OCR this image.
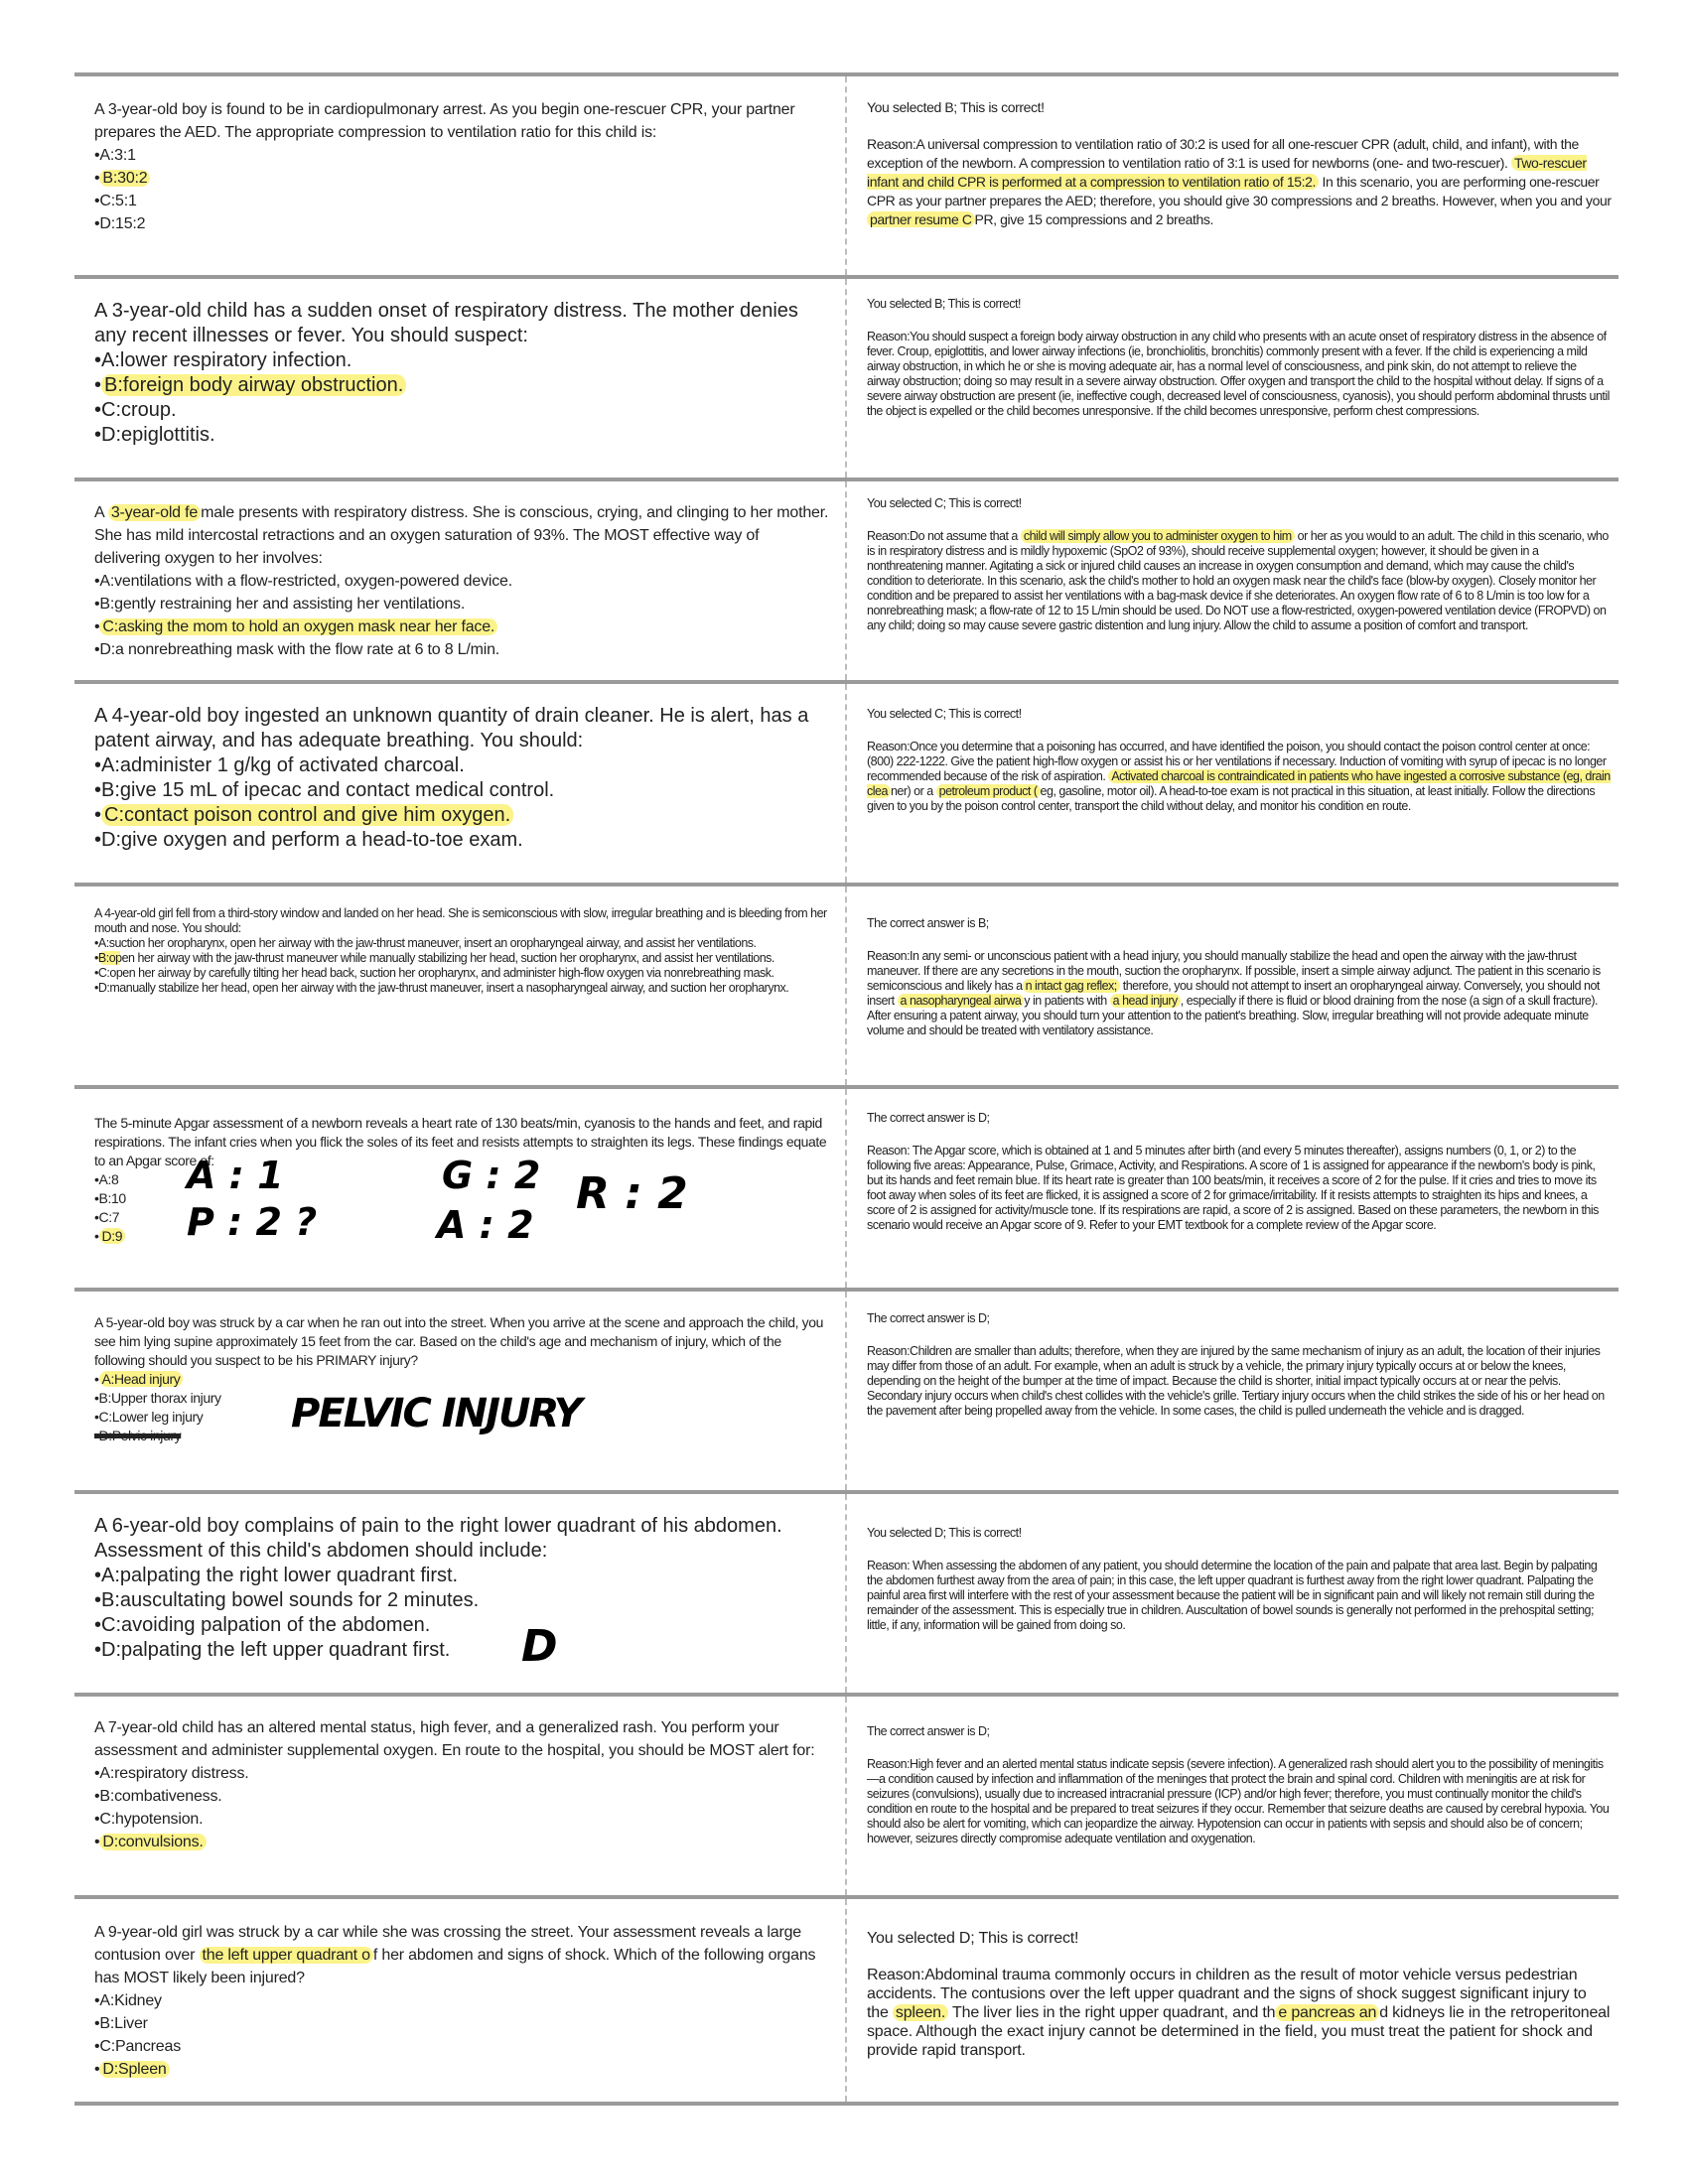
A 3-year-old boy is found to be in cardiopulmonary arrest. As you begin one-rescuer CPR, your partner prepares the AED. The appropriate compression to ventilation ratio for this child is:

• A:3:1
• B:30:2
• C:5:1
• D:15:2

You selected B; This is correct!

Reason:A universal compression to ventilation ratio of 30:2 is used for all one-rescuer CPR (adult, child, and infant), with the exception of the newborn. A compression to ventilation ratio of 3:1 is used for newborns (one- and two-rescuer). Two-rescuer infant and child CPR is performed at a compression to ventilation ratio of 15:2. In this scenario, you are performing one-rescuer CPR as your partner prepares the AED; therefore, you should give 30 compressions and 2 breaths. However, when you and your partner resume C PR, give 15 compressions and 2 breaths.

A 3-year-old child has a sudden onset of respiratory distress. The mother denies any recent illnesses or fever. You should suspect:

• A:lower respiratory infection.
• B:foreign body airway obstruction.
• C:croup.
• D:epiglottitis.

You selected B; This is correct!

Reason:You should suspect a foreign body airway obstruction in any child who presents with an acute onset of respiratory distress in the absence of fever. Croup, epiglottitis, and lower airway infections (ie, bronchiolitis, bronchitis) commonly present with a fever. If the child is experiencing a mild airway obstruction, in which he or she is moving adequate air, has a normal level of consciousness, and pink skin, do not attempt to relieve the airway obstruction; doing so may result in a severe airway obstruction. Offer oxygen and transport the child to the hospital without delay. If signs of a severe airway obstruction are present (ie, ineffective cough, decreased level of consciousness, cyanosis), you should perform abdominal thrusts until the object is expelled or the child becomes unresponsive. If the child becomes unresponsive, perform chest compressions.

A 3-year-old fe male presents with respiratory distress. She is conscious, crying, and clinging to her mother. She has mild intercostal retractions and an oxygen saturation of 93%. The MOST effective way of delivering oxygen to her involves:

• A:ventilations with a flow-restricted, oxygen-powered device.
• B:gently restraining her and assisting her ventilations.
• C:asking the mom to hold an oxygen mask near her face.
• D:a nonrebreathing mask with the flow rate at 6 to 8 L/min.

You selected C; This is correct!

Reason:Do not assume that a child will simply allow you to administer oxygen to him or her as you would to an adult. The child in this scenario, who is in respiratory distress and is mildly hypoxemic (SpO2 of 93%), should receive supplemental oxygen; however, it should be given in a nonthreatening manner. Agitating a sick or injured child causes an increase in oxygen consumption and demand, which may cause the child's condition to deteriorate. In this scenario, ask the child's mother to hold an oxygen mask near the child's face (blow-by oxygen). Closely monitor her condition and be prepared to assist her ventilations with a bag-mask device if she deteriorates. An oxygen flow rate of 6 to 8 L/min is too low for a nonrebreathing mask; a flow-rate of 12 to 15 L/min should be used. Do NOT use a flow-restricted, oxygen-powered ventilation device (FROPVD) on any child; doing so may cause severe gastric distention and lung injury. Allow the child to assume a position of comfort and transport.

A 4-year-old boy ingested an unknown quantity of drain cleaner. He is alert, has a patent airway, and has adequate breathing. You should:

• A:administer 1 g/kg of activated charcoal.
• B:give 15 mL of ipecac and contact medical control.
• C:contact poison control and give him oxygen.
• D:give oxygen and perform a head-to-toe exam.

You selected C; This is correct!

Reason:Once you determine that a poisoning has occurred, and have identified the poison, you should contact the poison control center at once: (800) 222-1222. Give the patient high-flow oxygen or assist his or her ventilations if necessary. Induction of vomiting with syrup of ipecac is no longer recommended because of the risk of aspiration. Activated charcoal is contraindicated in patients who have ingested a corrosive substance (eg, drain clea ner) or a petroleum product ( eg, gasoline, motor oil). A head-to-toe exam is not practical in this situation, at least initially. Follow the directions given to you by the poison control center, transport the child without delay, and monitor his condition en route.

A 4-year-old girl fell from a third-story window and landed on her head. She is semiconscious with slow, irregular breathing and is bleeding from her mouth and nose. You should:

• A:suction her oropharynx, open her airway with the jaw-thrust maneuver, insert an oropharyngeal airway, and assist her ventilations.
• B:open her airway with the jaw-thrust maneuver while manually stabilizing her head, suction her oropharynx, and assist her ventilations.
• C:open her airway by carefully tilting her head back, suction her oropharynx, and administer high-flow oxygen via nonrebreathing mask.
• D:manually stabilize her head, open her airway with the jaw-thrust maneuver, insert a nasopharyngeal airway, and suction her oropharynx.

The correct answer is B;

Reason:In any semi- or unconscious patient with a head injury, you should manually stabilize the head and open the airway with the jaw-thrust maneuver. If there are any secretions in the mouth, suction the oropharynx. If possible, insert a simple airway adjunct. The patient in this scenario is semiconscious and likely has a n intact gag reflex; therefore, you should not attempt to insert an oropharyngeal airway. Conversely, you should not insert a nasopharyngeal airwa y in patients with a head injury , especially if there is fluid or blood draining from the nose (a sign of a skull fracture). After ensuring a patent airway, you should turn your attention to the patient's breathing. Slow, irregular breathing will not provide adequate minute volume and should be treated with ventilatory assistance.

The 5-minute Apgar assessment of a newborn reveals a heart rate of 130 beats/min, cyanosis to the hands and feet, and rapid respirations. The infant cries when you flick the soles of its feet and resists attempts to straighten its legs. These findings equate to an Apgar score of:

• A:8
• B:10
• C:7
• D:9
A : 1
P : 2 ?
G : 2
A : 2
R : 2

The correct answer is D;

Reason: The Apgar score, which is obtained at 1 and 5 minutes after birth (and every 5 minutes thereafter), assigns numbers (0, 1, or 2) to the following five areas: Appearance, Pulse, Grimace, Activity, and Respirations. A score of 1 is assigned for appearance if the newborn's body is pink, but its hands and feet remain blue. If its heart rate is greater than 100 beats/min, it receives a score of 2 for the pulse. If it cries and tries to move its foot away when soles of its feet are flicked, it is assigned a score of 2 for grimace/irritability. If it resists attempts to straighten its hips and knees, a score of 2 is assigned for activity/muscle tone. If its respirations are rapid, a score of 2 is assigned. Based on these parameters, the newborn in this scenario would receive an Apgar score of 9. Refer to your EMT textbook for a complete review of the Apgar score.

A 5-year-old boy was struck by a car when he ran out into the street. When you arrive at the scene and approach the child, you see him lying supine approximately 15 feet from the car. Based on the child's age and mechanism of injury, which of the following should you suspect to be his PRIMARY injury?

• A:Head injury
• B:Upper thorax injury
• C:Lower leg injury
• D:Pelvic injury	PELVIC INJURY

The correct answer is D;

Reason:Children are smaller than adults; therefore, when they are injured by the same mechanism of injury as an adult, the location of their injuries may differ from those of an adult. For example, when an adult is struck by a vehicle, the primary injury typically occurs at or below the knees, depending on the height of the bumper at the time of impact. Because the child is shorter, initial impact typically occurs at or near the pelvis. Secondary injury occurs when child's chest collides with the vehicle's grille. Tertiary injury occurs when the child strikes the side of his or her head on the pavement after being propelled away from the vehicle. In some cases, the child is pulled underneath the vehicle and is dragged.

A 6-year-old boy complains of pain to the right lower quadrant of his abdomen. Assessment of this child's abdomen should include:

• A:palpating the right lower quadrant first.
• B:auscultating bowel sounds for 2 minutes.
• C:avoiding palpation of the abdomen.
• D:palpating the left upper quadrant first.	D

You selected D; This is correct!

Reason: When assessing the abdomen of any patient, you should determine the location of the pain and palpate that area last. Begin by palpating the abdomen furthest away from the area of pain; in this case, the left upper quadrant is furthest away from the right lower quadrant. Palpating the painful area first will interfere with the rest of your assessment because the patient will be in significant pain and will likely not remain still during the remainder of the assessment. This is especially true in children. Auscultation of bowel sounds is generally not performed in the prehospital setting; little, if any, information will be gained from doing so.

A 7-year-old child has an altered mental status, high fever, and a generalized rash. You perform your assessment and administer supplemental oxygen. En route to the hospital, you should be MOST alert for:

• A:respiratory distress.
• B:combativeness.
• C:hypotension.
• D:convulsions.

The correct answer is D;

Reason:High fever and an alerted mental status indicate sepsis (severe infection). A generalized rash should alert you to the possibility of meningitis—a condition caused by infection and inflammation of the meninges that protect the brain and spinal cord. Children with meningitis are at risk for seizures (convulsions), usually due to increased intracranial pressure (ICP) and/or high fever; therefore, you must continually monitor the child's condition en route to the hospital and be prepared to treat seizures if they occur. Remember that seizure deaths are caused by cerebral hypoxia. You should also be alert for vomiting, which can jeopardize the airway. Hypotension can occur in patients with sepsis and should also be of concern; however, seizures directly compromise adequate ventilation and oxygenation.

A 9-year-old girl was struck by a car while she was crossing the street. Your assessment reveals a large contusion over the left upper quadrant o f her abdomen and signs of shock. Which of the following organs has MOST likely been injured?

• A:Kidney
• B:Liver
• C:Pancreas
• D:Spleen

You selected D; This is correct!

Reason:Abdominal trauma commonly occurs in children as the result of motor vehicle versus pedestrian accidents. The contusions over the left upper quadrant and the signs of shock suggest significant injury to the spleen. The liver lies in the right upper quadrant, and th e pancreas an d kidneys lie in the retroperitoneal space. Although the exact injury cannot be determined in the field, you must treat the patient for shock and provide rapid transport.
